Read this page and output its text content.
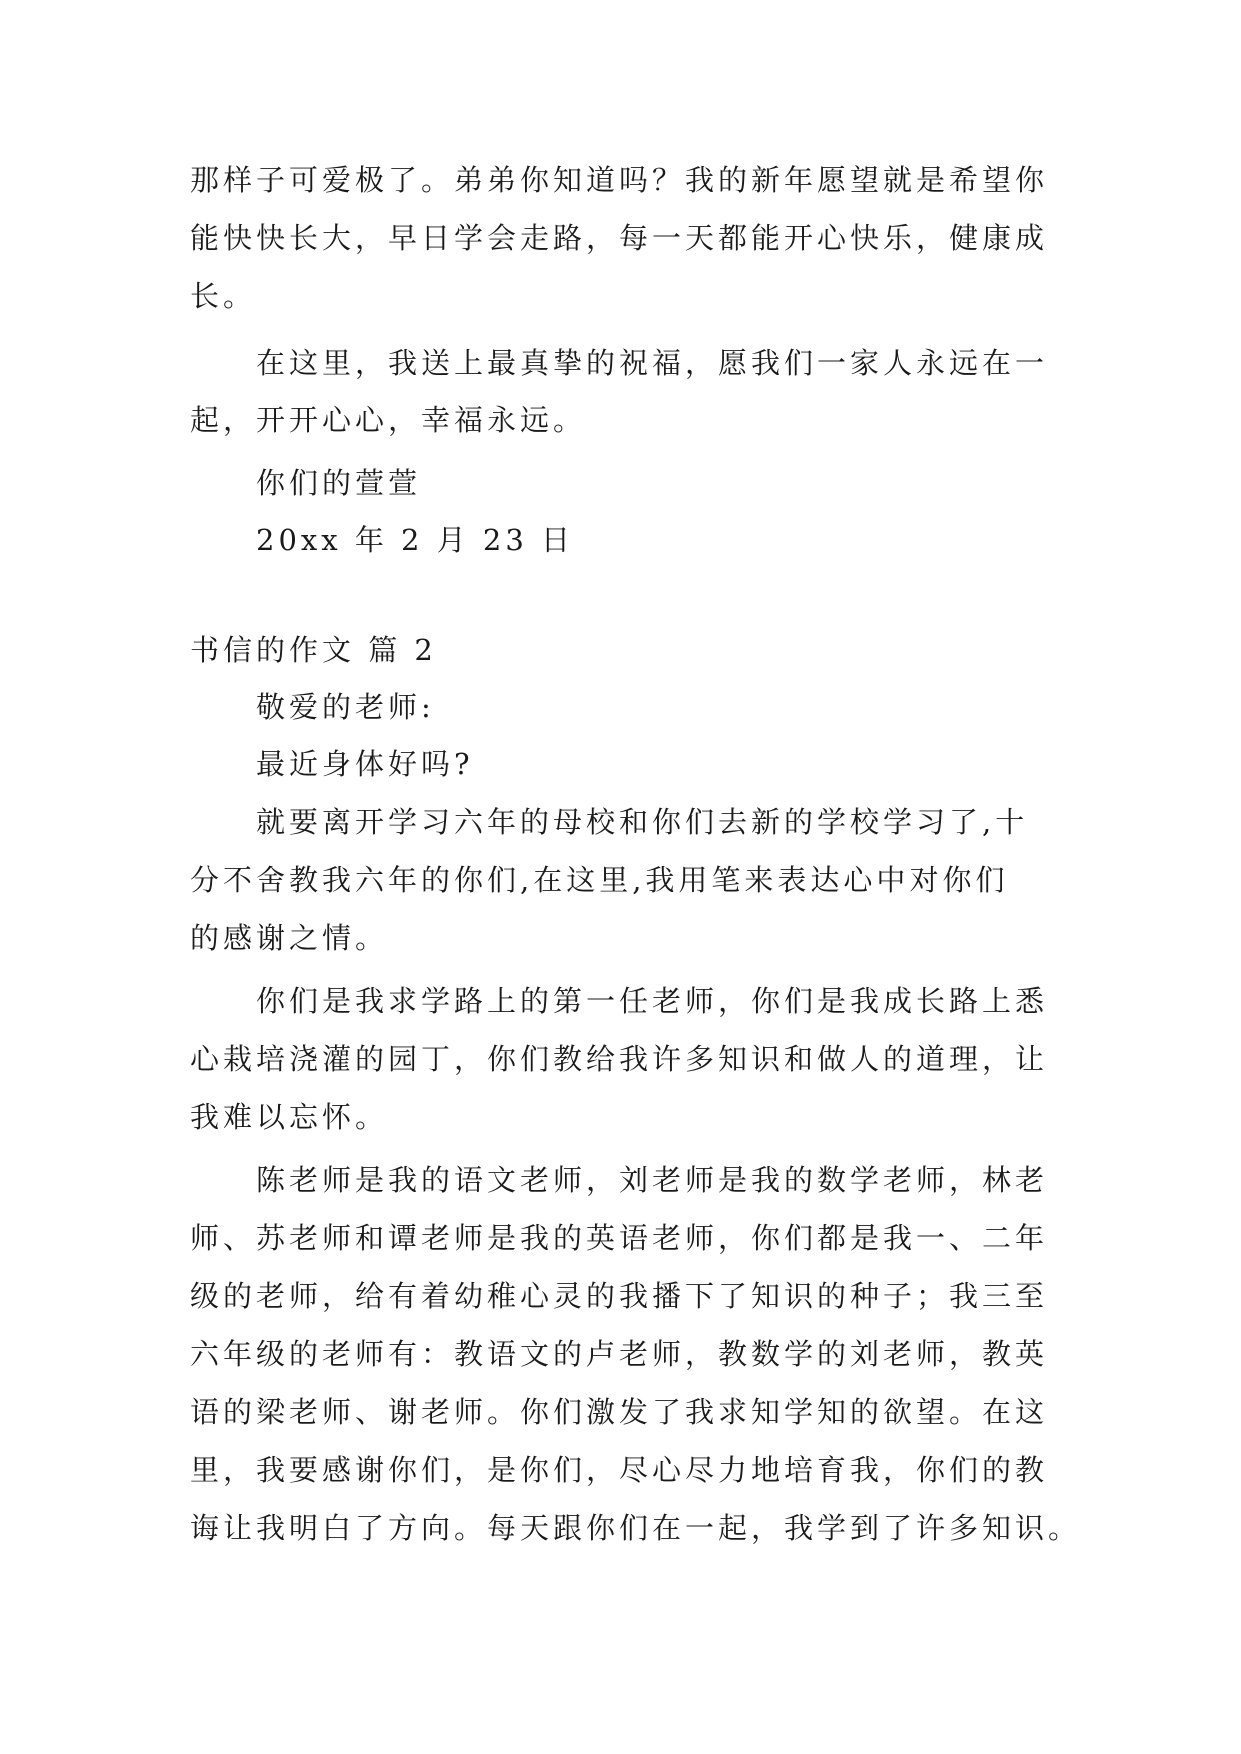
那样子可爱极了。弟弟你知道吗？我的新年愿望就是希望你
能快快长大，早日学会走路，每一天都能开心快乐，健康成
长。
在这里，我送上最真挚的祝福，愿我们一家人永远在一
起，开开心心，幸福永远。
你们的萱萱
20xx 年 2 月 23 日
书信的作文 篇 2
敬爱的老师:
最近身体好吗?
就要离开学习六年的母校和你们去新的学校学习了,十
分不舍教我六年的你们,在这里,我用笔来表达心中对你们
的感谢之情。
你们是我求学路上的第一任老师，你们是我成长路上悉
心栽培浇灌的园丁，你们教给我许多知识和做人的道理，让
我难以忘怀。
陈老师是我的语文老师，刘老师是我的数学老师，林老
师、苏老师和谭老师是我的英语老师，你们都是我一、二年
级的老师，给有着幼稚心灵的我播下了知识的种子；我三至
六年级的老师有：教语文的卢老师，教数学的刘老师，教英
语的梁老师、谢老师。你们激发了我求知学知的欲望。在这
里，我要感谢你们，是你们，尽心尽力地培育我，你们的教
诲让我明白了方向。每天跟你们在一起，我学到了许多知识。
